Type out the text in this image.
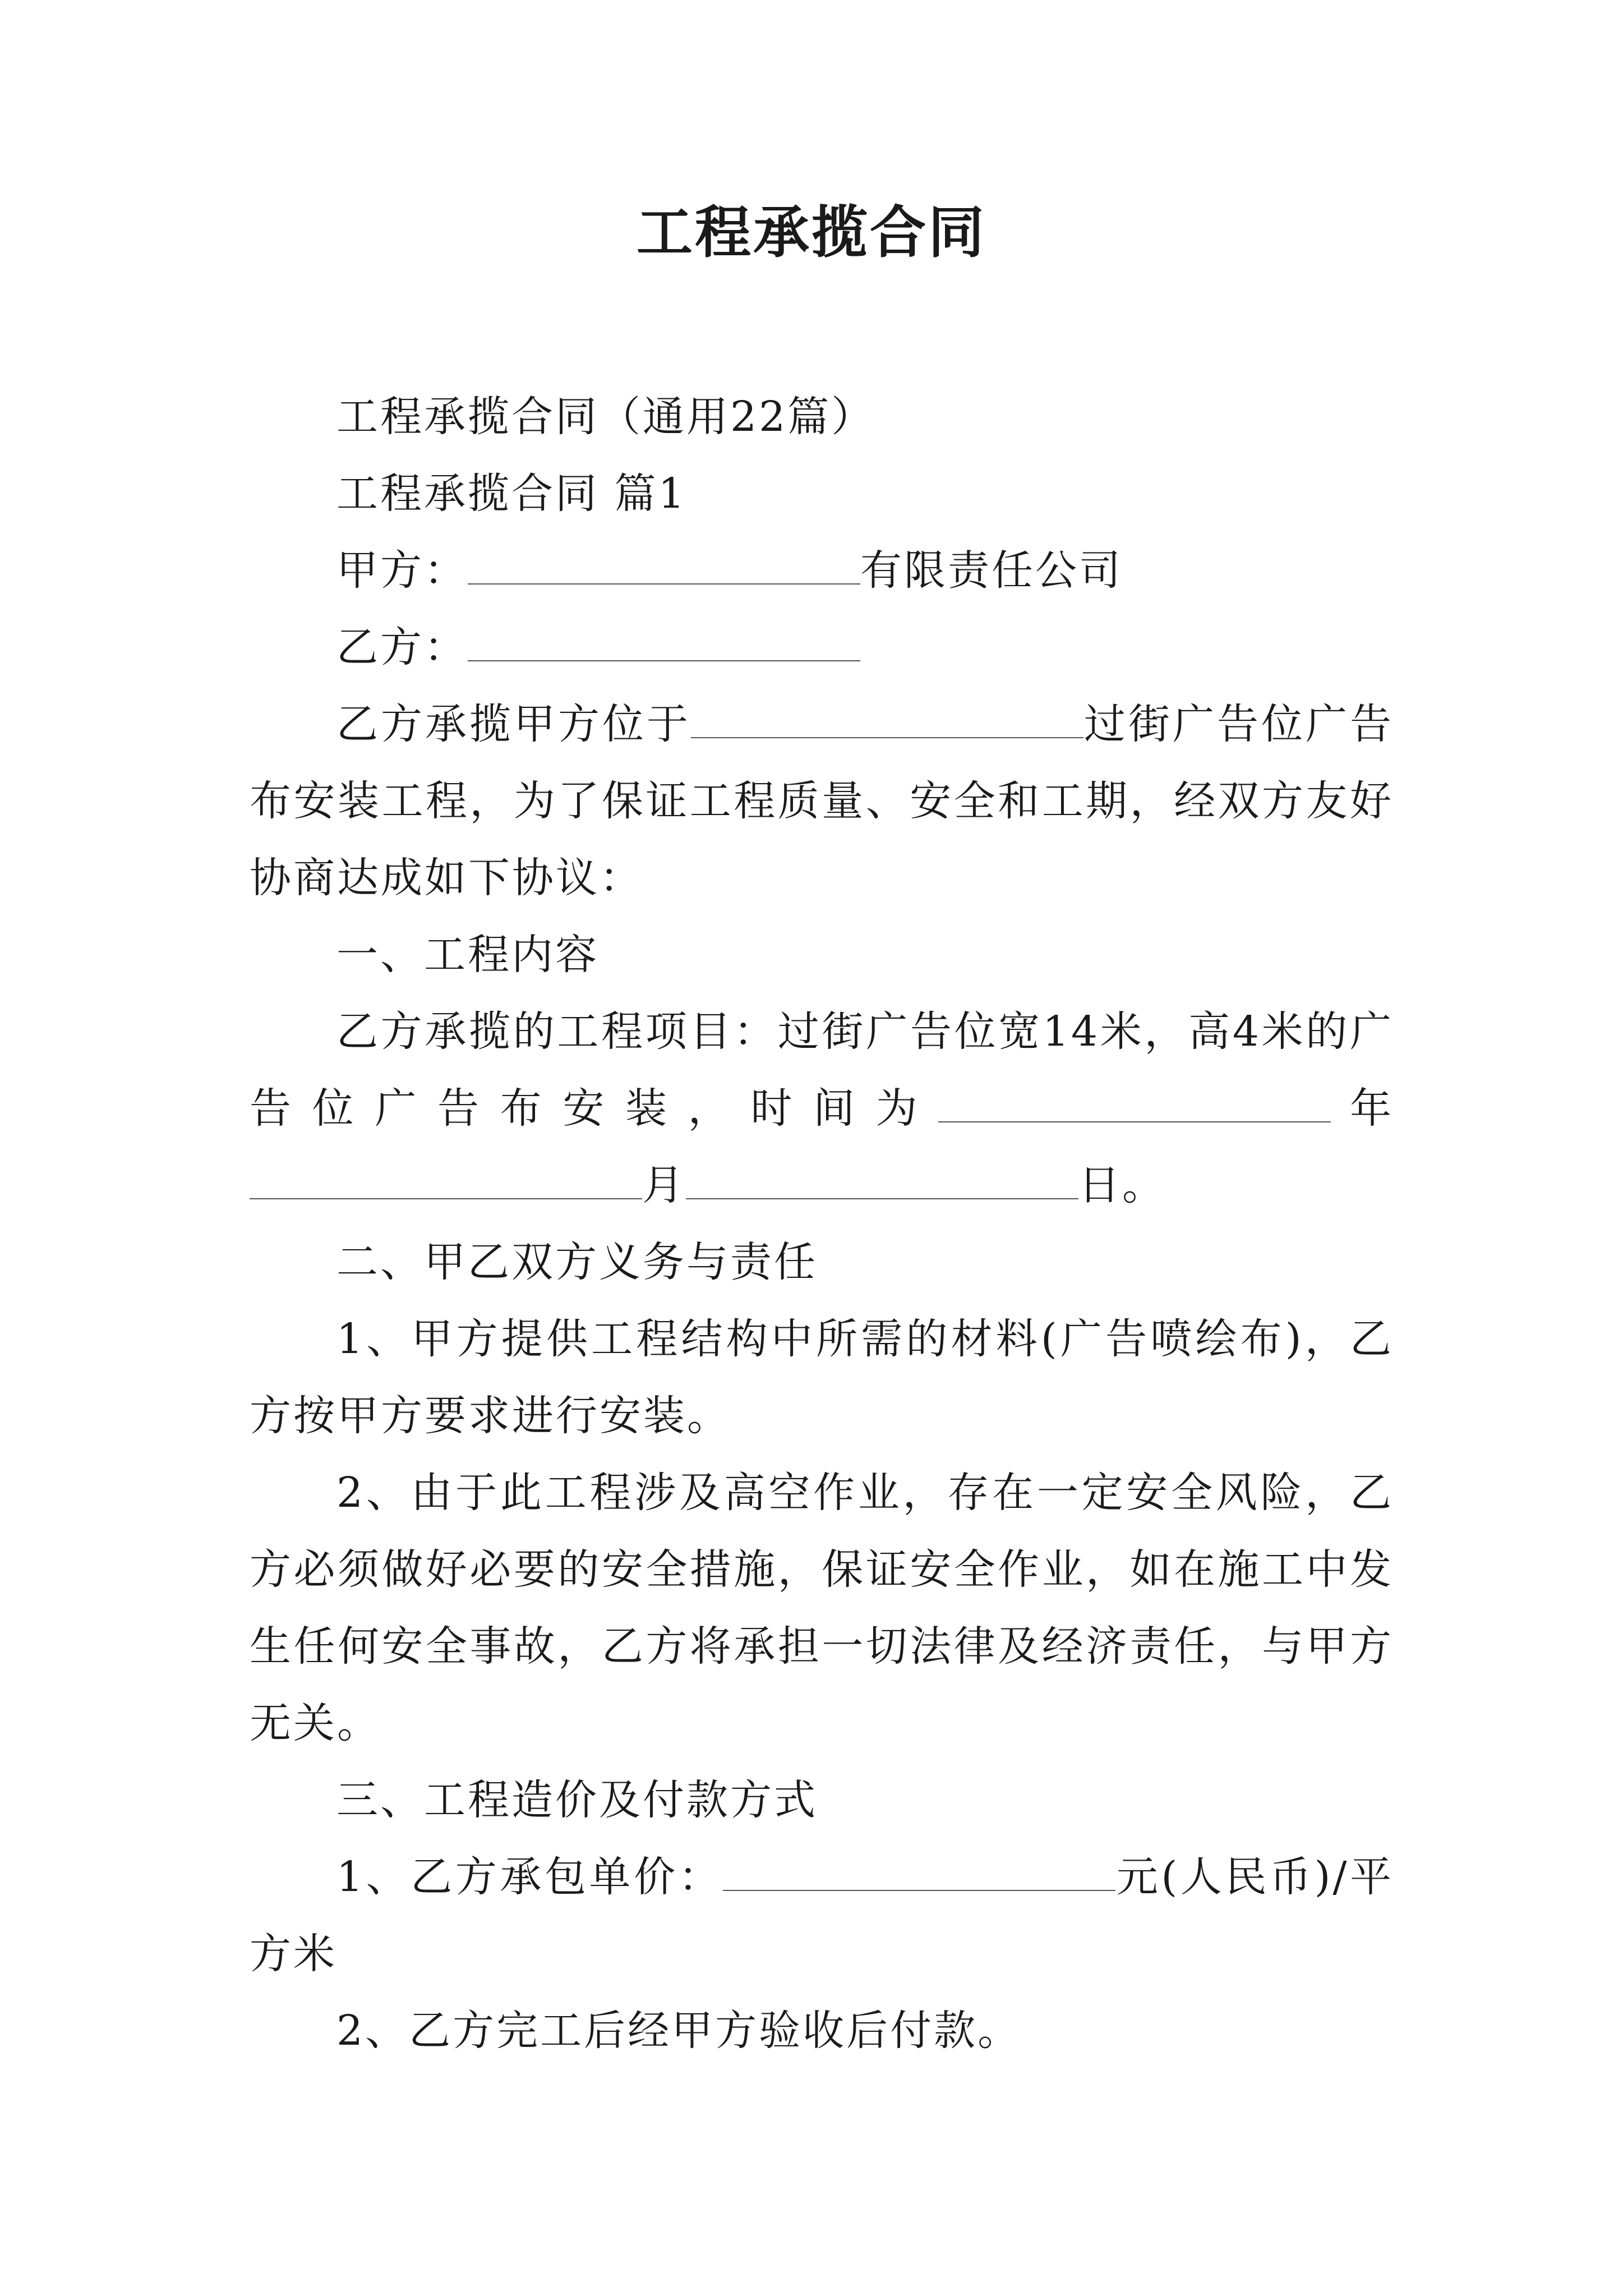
工程承揽合同

工程承揽合同（通用22篇）

工程承揽合同 篇1

甲方：	有限责任公司

乙方：

乙方承揽甲方位于	过街广告位广告布安装工程，为了保证工程质量、安全和工期，经双方友好协商达成如下协议：

一、工程内容

乙方承揽的工程项目：过街广告位宽14米，高4米的广告位广告布安装，时间为	年月	日。

二、甲乙双方义务与责任

1、甲方提供工程结构中所需的材料(广告喷绘布)，乙方按甲方要求进行安装。

2、由于此工程涉及高空作业，存在一定安全风险，乙方必须做好必要的安全措施，保证安全作业，如在施工中发生任何安全事故，乙方将承担一切法律及经济责任，与甲方无关。

三、工程造价及付款方式

1、乙方承包单价：	元(人民币)/平方米

2、乙方完工后经甲方验收后付款。
